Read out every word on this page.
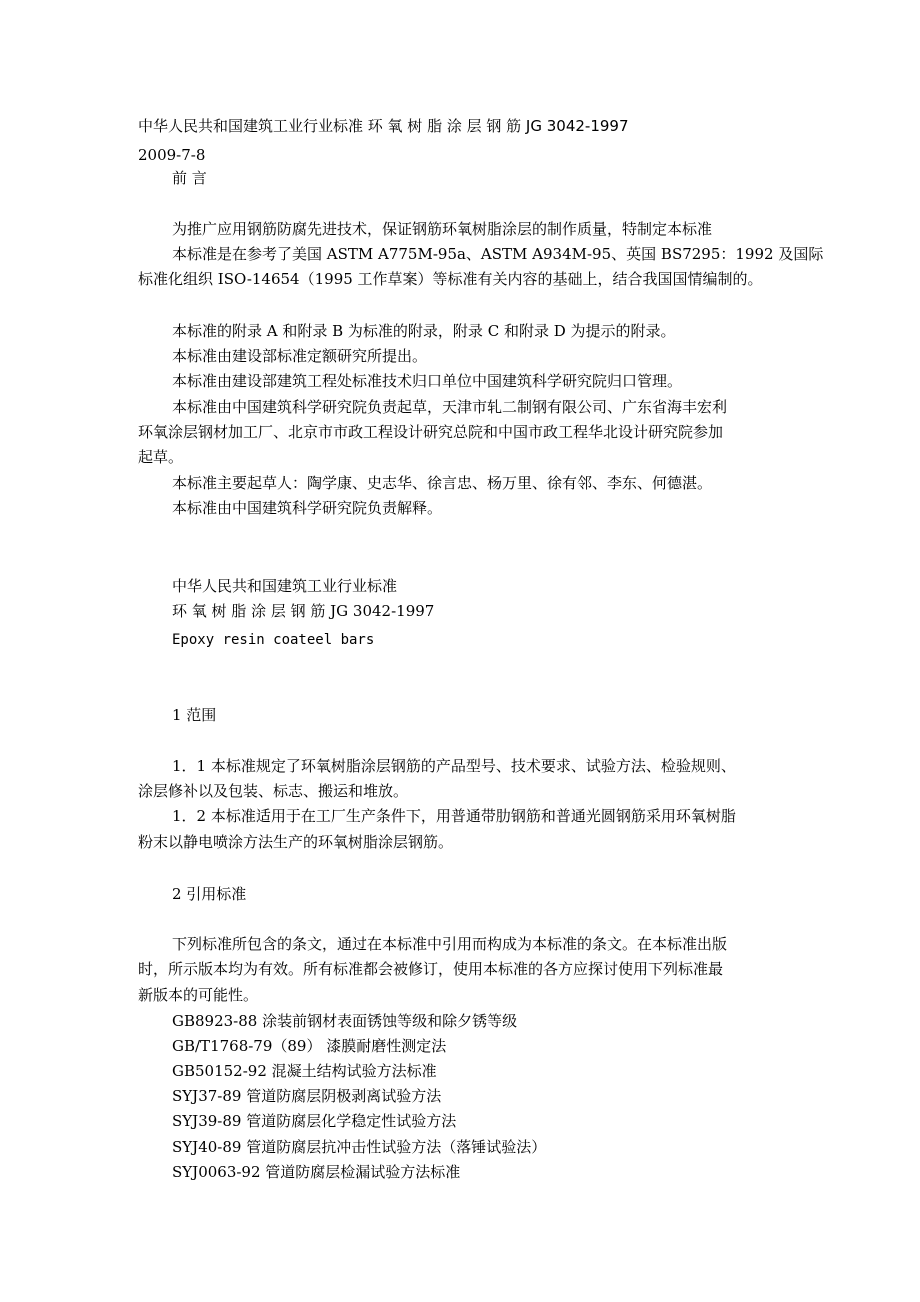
中华人民共和国建筑工业行业标准 环 氧 树 脂 涂 层 钢 筋 JG 3042-1997
2009-7-8
前 言
为推广应用钢筋防腐先进技术，保证钢筋环氧树脂涂层的制作质量，特制定本标准
本标准是在参考了美国 ASTM A775M-95a、ASTM A934M-95、英国 BS7295：1992 及国际
标准化组织 ISO-14654（1995 工作草案）等标准有关内容的基础上，结合我国国情编制的。
本标准的附录 A 和附录 B 为标准的附录，附录 C 和附录 D 为提示的附录。
本标准由建设部标准定额研究所提出。
本标准由建设部建筑工程处标准技术归口单位中国建筑科学研究院归口管理。
本标准由中国建筑科学研究院负责起草，天津市轧二制钢有限公司、广东省海丰宏利
环氧涂层钢材加工厂、北京市市政工程设计研究总院和中国市政工程华北设计研究院参加
起草。
本标准主要起草人：陶学康、史志华、徐言忠、杨万里、徐有邻、李东、何德湛。
本标准由中国建筑科学研究院负责解释。
中华人民共和国建筑工业行业标准
环 氧 树 脂 涂 层 钢 筋 JG 3042-1997
Epoxy resin coateel bars
1 范围
1．1 本标准规定了环氧树脂涂层钢筋的产品型号、技术要求、试验方法、检验规则、
涂层修补以及包装、标志、搬运和堆放。
1．2 本标准适用于在工厂生产条件下，用普通带肋钢筋和普通光圆钢筋采用环氧树脂
粉末以静电喷涂方法生产的环氧树脂涂层钢筋。
2 引用标准
下列标准所包含的条文，通过在本标准中引用而构成为本标准的条文。在本标准出版
时，所示版本均为有效。所有标准都会被修订，使用本标准的各方应探讨使用下列标准最
新版本的可能性。
GB8923-88 涂装前钢材表面锈蚀等级和除夕锈等级
GB/T1768-79（89） 漆膜耐磨性测定法
GB50152-92 混凝土结构试验方法标准
SYJ37-89 管道防腐层阴极剥离试验方法
SYJ39-89 管道防腐层化学稳定性试验方法
SYJ40-89 管道防腐层抗冲击性试验方法（落锤试验法）
SYJ0063-92 管道防腐层检漏试验方法标准
